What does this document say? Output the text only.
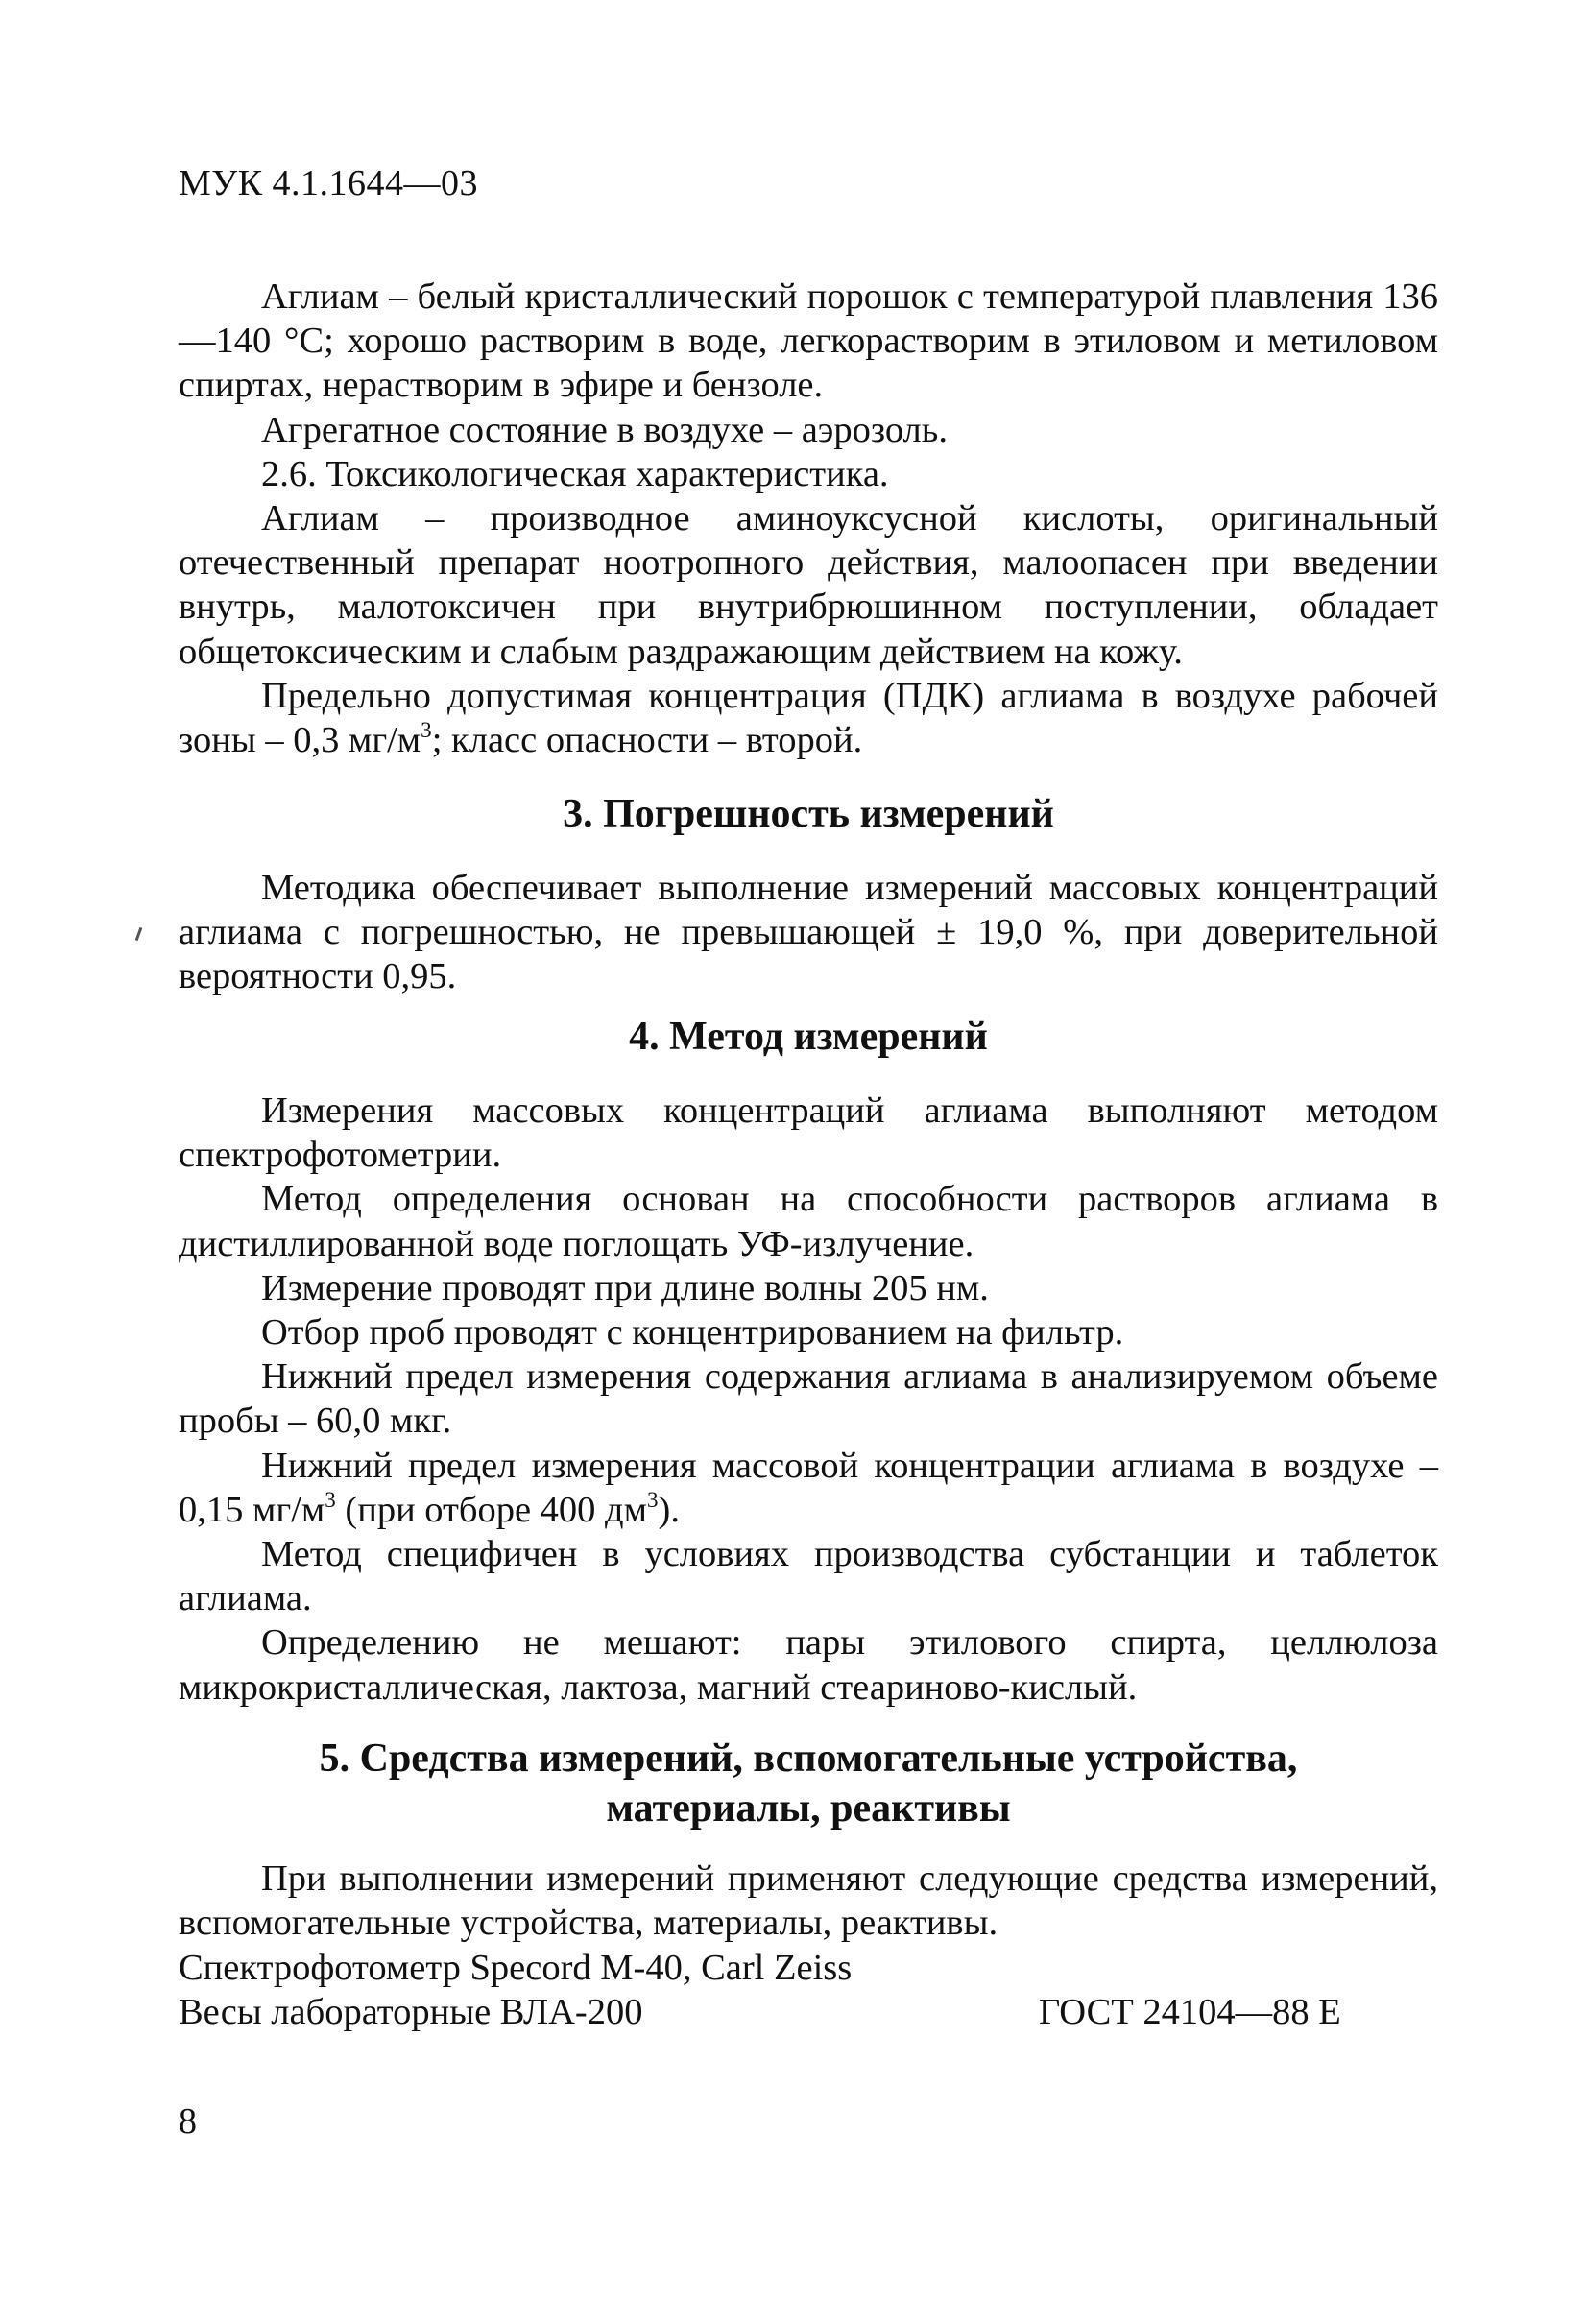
МУК 4.1.1644—03

Аглиам – белый кристаллический порошок с температурой плавления 136—140 °С; хорошо растворим в воде, легкорастворим в этиловом и метиловом спиртах, нерастворим в эфире и бензоле.

Агрегатное состояние в воздухе – аэрозоль.

2.6. Токсикологическая характеристика.

Аглиам – производное аминоуксусной кислоты, оригинальный отечественный препарат ноотропного действия, малоопасен при введении внутрь, малотоксичен при внутрибрюшинном поступлении, обладает общетоксическим и слабым раздражающим действием на кожу.

Предельно допустимая концентрация (ПДК) аглиама в воздухе рабочей зоны – 0,3 $мг/м^3$; класс опасности – второй.

3. Погрешность измерений

Методика обеспечивает выполнение измерений массовых концентраций аглиама с погрешностью, не превышающей ± 19,0 %, при доверительной вероятности 0,95.

4. Метод измерений

Измерения массовых концентраций аглиама выполняют методом спектрофотометрии.

Метод определения основан на способности растворов аглиама в дистиллированной воде поглощать УФ-излучение.

Измерение проводят при длине волны 205 нм.

Отбор проб проводят с концентрированием на фильтр.

Нижний предел измерения содержания аглиама в анализируемом объеме пробы – 60,0 мкг.

Нижний предел измерения массовой концентрации аглиама в воздухе – 0,15 $мг/м^3$ (при отборе 400 $дм^3$).

Метод специфичен в условиях производства субстанции и таблеток аглиама.

Определению не мешают: пары этилового спирта, целлюлоза микрокристаллическая, лактоза, магний стеариново-кислый.

5. Средства измерений, вспомогательные устройства,
материалы, реактивы

При выполнении измерений применяют следующие средства измерений, вспомогательные устройства, материалы, реактивы.

Спектрофотометр Specord M-40, Carl Zeiss
Весы лабораторные ВЛА-200	ГОСТ 24104—88 Е
8
